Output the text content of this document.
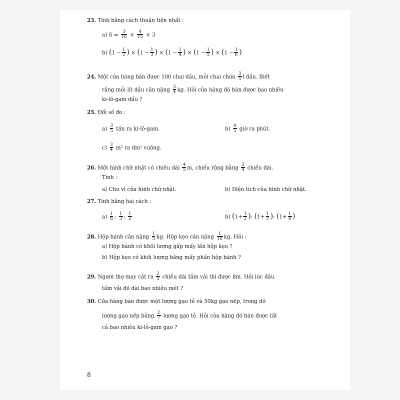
23. Tính bằng cách thuận tiện nhất :
a) $S = \frac{3}{16} \times \frac{4}{15} \times 3$
b) ($1 - \frac{1}{2}$ ) × ($1 - \frac{1}{3}$ ) × ($1 - \frac{1}{4}$ ) × ($1 - \frac{1}{5}$ ) × ($1 - \frac{1}{6}$ )
24. Một cửa hàng bán được 100 chai dầu, mỗi chai chứa $\frac{3}{5}$ l dầu. Biết
rằng mỗi lít dầu cân nặng $\frac{3}{4}$ kg. Hỏi cửa hàng đó bán được bao nhiêu
ki-lô-gam dầu ?
25. Đổi số đo :
$a) \frac{3}{5}$ tấn ra ki-lô-gam.	$b) \frac{4}{5}$ giờ ra phút.
$c) \frac{3}{4} m^2$ ra dm² vuông.
26. Một hình chữ nhật có chiều dài $\frac{4}{5} m$, chiều rộng bằng $\frac{3}{4}$ chiều dài.
Tính :
a) Chu vi của hình chữ nhật.	b) Diện tích của hình chữ nhật.
27. Tính bằng hai cách :
$a) \frac{1}{6}$ : $\frac{1}{3}$ : $\frac{1}{2}$	b) ($1+ \frac{1}{2}$ ): ($1+ \frac{1}{3}$ ): ($1+ \frac{1}{4}$ )
28. Hộp bánh cân nặng $\frac{1}{5}$ kg. Hộp kẹo cân nặng $\frac{1}{10}$ kg. Hỏi :
a) Hộp bánh có khối lượng gấp mấy lần hộp kẹo ?
b) Hộp kẹo có khối lượng bằng mấy phần hộp bánh ?
29. Người thợ may cắt ra $\frac{2}{5}$ chiều dài tấm vải thì được 8m. Hỏi lúc đầu
tấm vải đó dài bao nhiêu mét ?
30. Cửa hàng bán được một lượng gạo tẻ và 50kg gạo nếp, trong đó
lượng gạo nếp bằng $\frac{2}{7}$ lượng gạo tẻ. Hỏi cửa hàng đó bán được tất
cả bao nhiêu ki-lô-gam gạo ?
8
